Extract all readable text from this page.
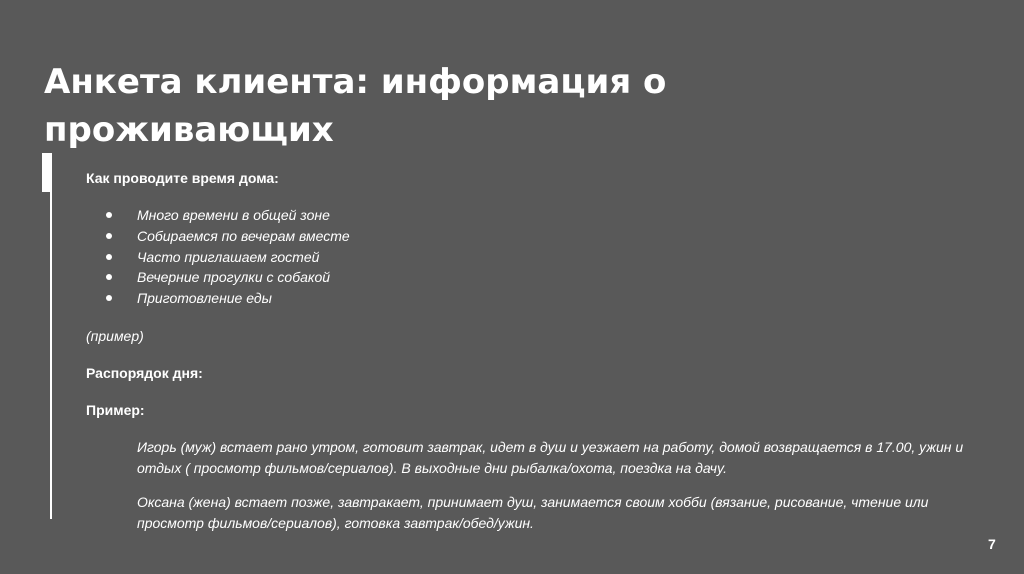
Анкета клиента: информация о проживающих

Как проводите время дома:

Много времени в общей зоне
Собираемся по вечерам вместе
Часто приглашаем гостей
Вечерние прогулки с собакой
Приготовление еды

(пример)

Распорядок дня:

Пример:

Игорь (муж) встает рано утром, готовит завтрак, идет в душ и уезжает на работу, домой возвращается в 17.00, ужин и отдых ( просмотр фильмов/сериалов). В выходные дни рыбалка/охота, поездка на дачу.

Оксана (жена) встает позже, завтракает, принимает душ, занимается своим хобби (вязание, рисование, чтение или просмотр фильмов/сериалов), готовка завтрак/обед/ужин.

7
